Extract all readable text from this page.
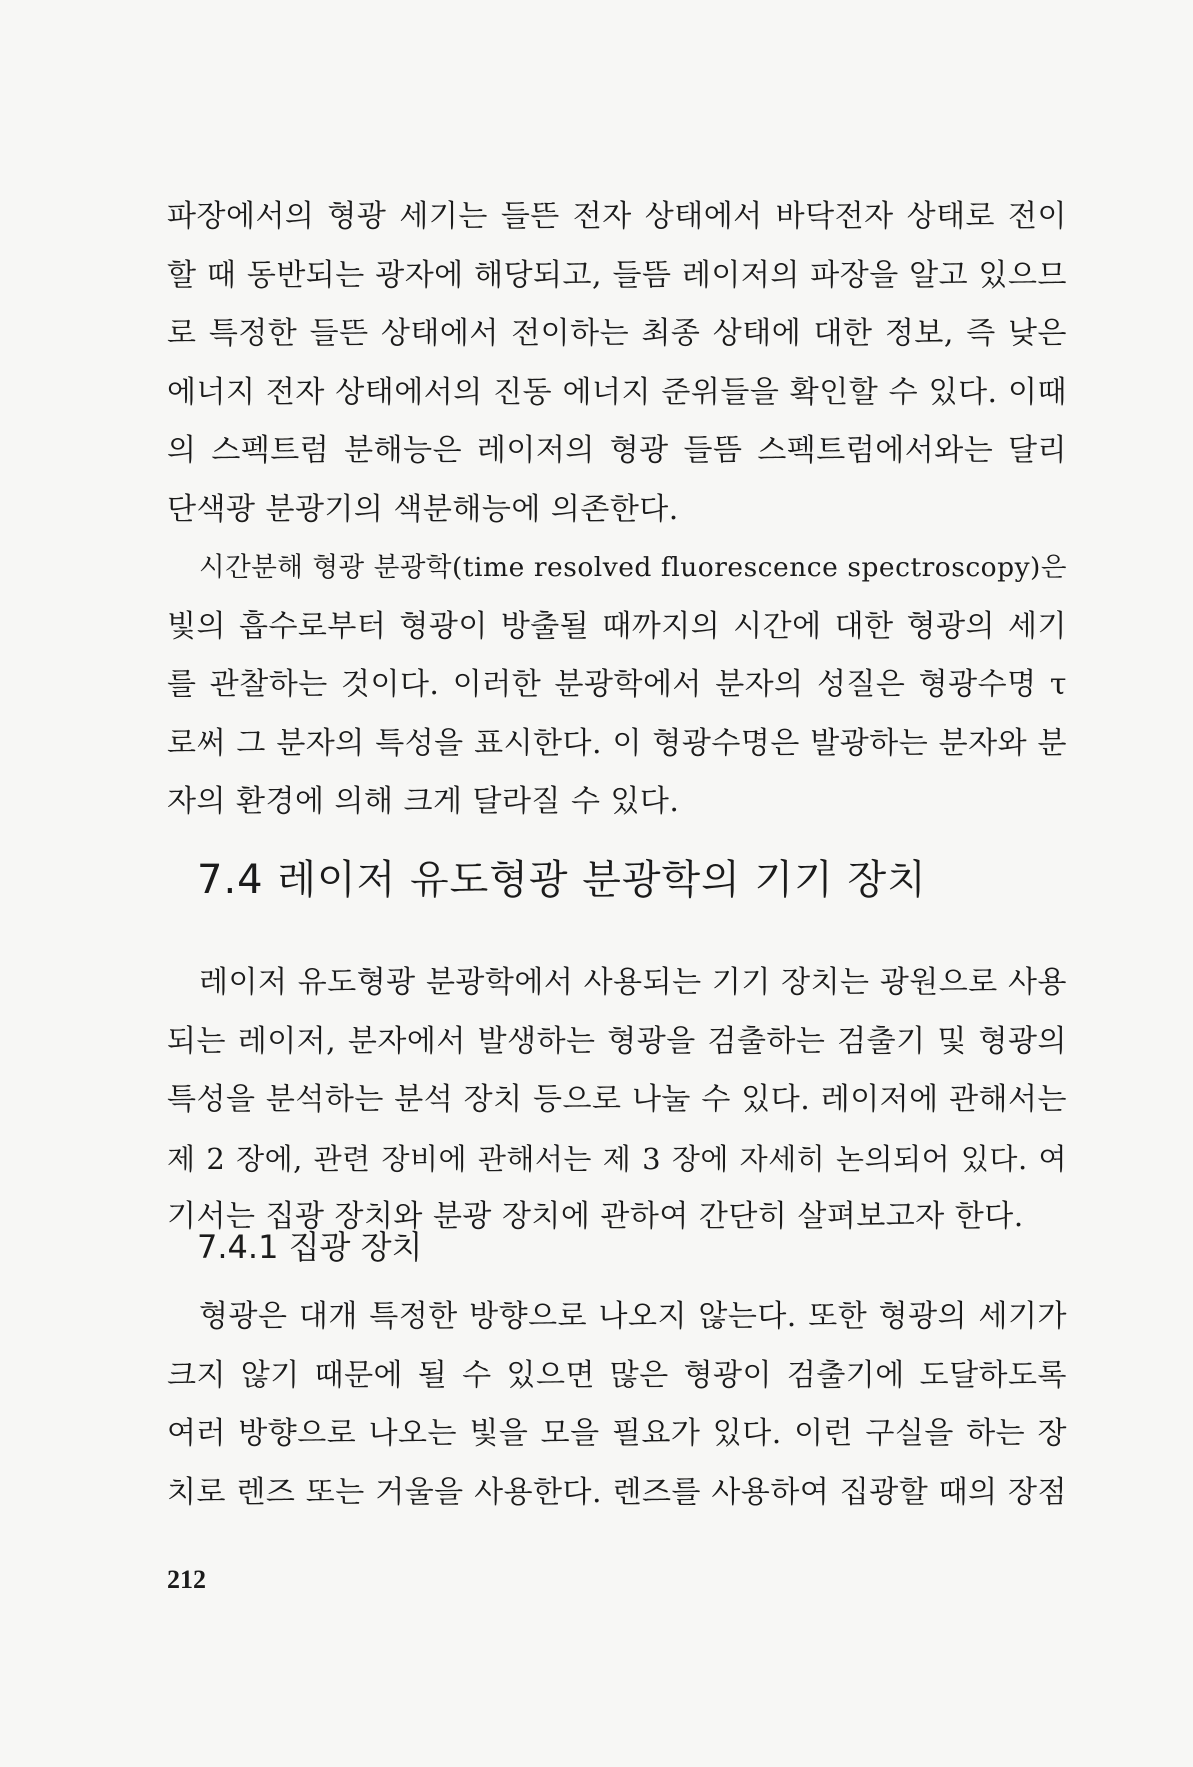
파장에서의 형광 세기는 들뜬 전자 상태에서 바닥전자 상태로 전이
할 때 동반되는 광자에 해당되고, 들뜸 레이저의 파장을 알고 있으므
로 특정한 들뜬 상태에서 전이하는 최종 상태에 대한 정보, 즉 낮은
에너지 전자 상태에서의 진동 에너지 준위들을 확인할 수 있다. 이때
의 스펙트럼 분해능은 레이저의 형광 들뜸 스펙트럼에서와는 달리
단색광 분광기의 색분해능에 의존한다.
시간분해 형광 분광학(time resolved fluorescence spectroscopy)은
빛의 흡수로부터 형광이 방출될 때까지의 시간에 대한 형광의 세기
를 관찰하는 것이다. 이러한 분광학에서 분자의 성질은 형광수명 τ
로써 그 분자의 특성을 표시한다. 이 형광수명은 발광하는 분자와 분
자의 환경에 의해 크게 달라질 수 있다.
7.4 레이저 유도형광 분광학의 기기 장치
레이저 유도형광 분광학에서 사용되는 기기 장치는 광원으로 사용
되는 레이저, 분자에서 발생하는 형광을 검출하는 검출기 및 형광의
특성을 분석하는 분석 장치 등으로 나눌 수 있다. 레이저에 관해서는
제 2 장에, 관련 장비에 관해서는 제 3 장에 자세히 논의되어 있다. 여
기서는 집광 장치와 분광 장치에 관하여 간단히 살펴보고자 한다.
7.4.1 집광 장치
형광은 대개 특정한 방향으로 나오지 않는다. 또한 형광의 세기가
크지 않기 때문에 될 수 있으면 많은 형광이 검출기에 도달하도록
여러 방향으로 나오는 빛을 모을 필요가 있다. 이런 구실을 하는 장
치로 렌즈 또는 거울을 사용한다. 렌즈를 사용하여 집광할 때의 장점
212
